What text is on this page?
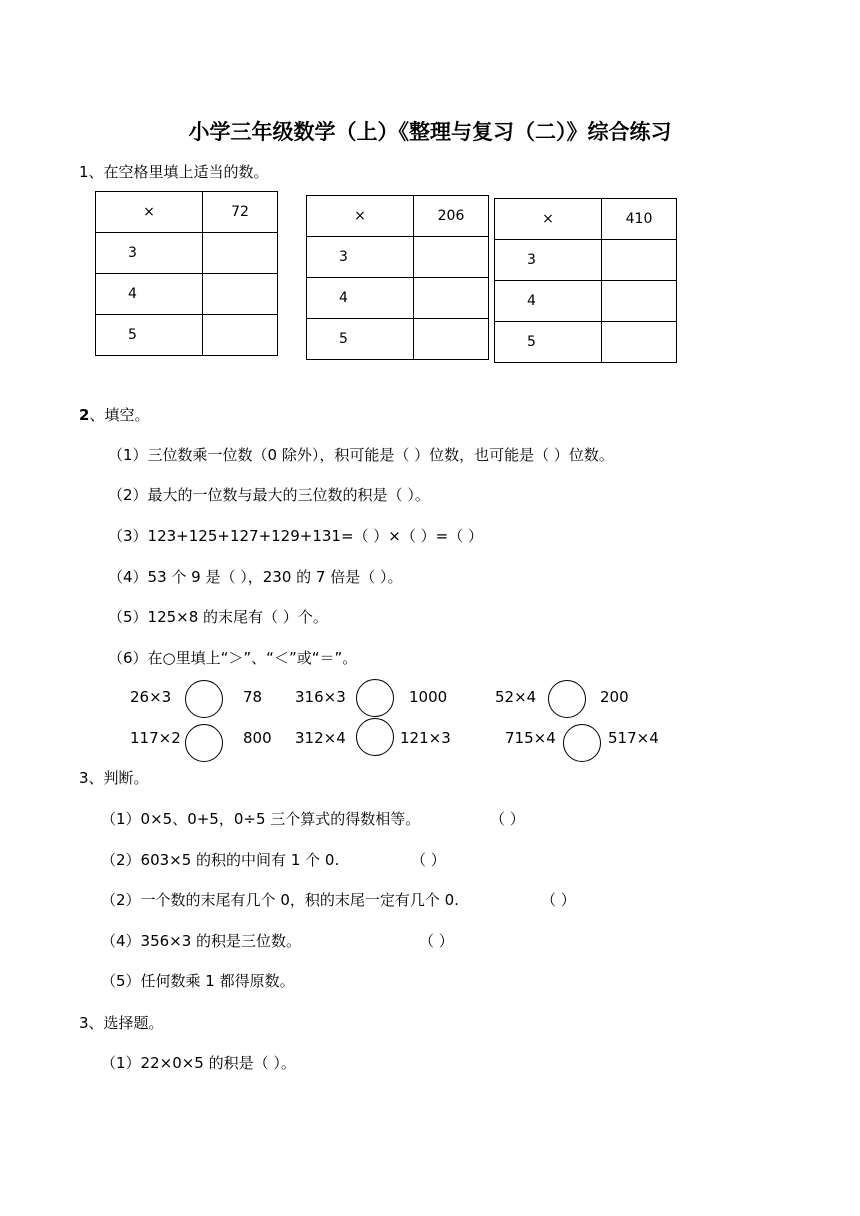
小学三年级数学（上）《整理与复习（二）》综合练习
1、在空格里填上适当的数。
×	72
3	
4	
5	
×	206
3	
4	
5	
×	410
3	
4	
5	
2、填空。
（1）三位数乘一位数（0 除外），积可能是（ ）位数，也可能是（ ）位数。
（2）最大的一位数与最大的三位数的积是（ ）。
（3）123+125+127+129+131=（ ）×（ ）=（ ）
（4）53 个 9 是（ ），230 的 7 倍是（ ）。
（5）125×8 的末尾有（ ）个。
（6）在○里填上“＞”、“＜”或“＝”。
26×3	78 316×3	1000	52×4	200
117×2	800 312×4	121×3	715×4	517×4
3、判断。
（1）0×5、0+5，0÷5 三个算式的得数相等。	（ ）
（2）603×5 的积的中间有 1 个 0.	（ ）
（2）一个数的末尾有几个 0，积的末尾一定有几个 0.	（ ）
（4）356×3 的积是三位数。	（ ）
（5）任何数乘 1 都得原数。
3、选择题。
（1）22×0×5 的积是（ ）。
